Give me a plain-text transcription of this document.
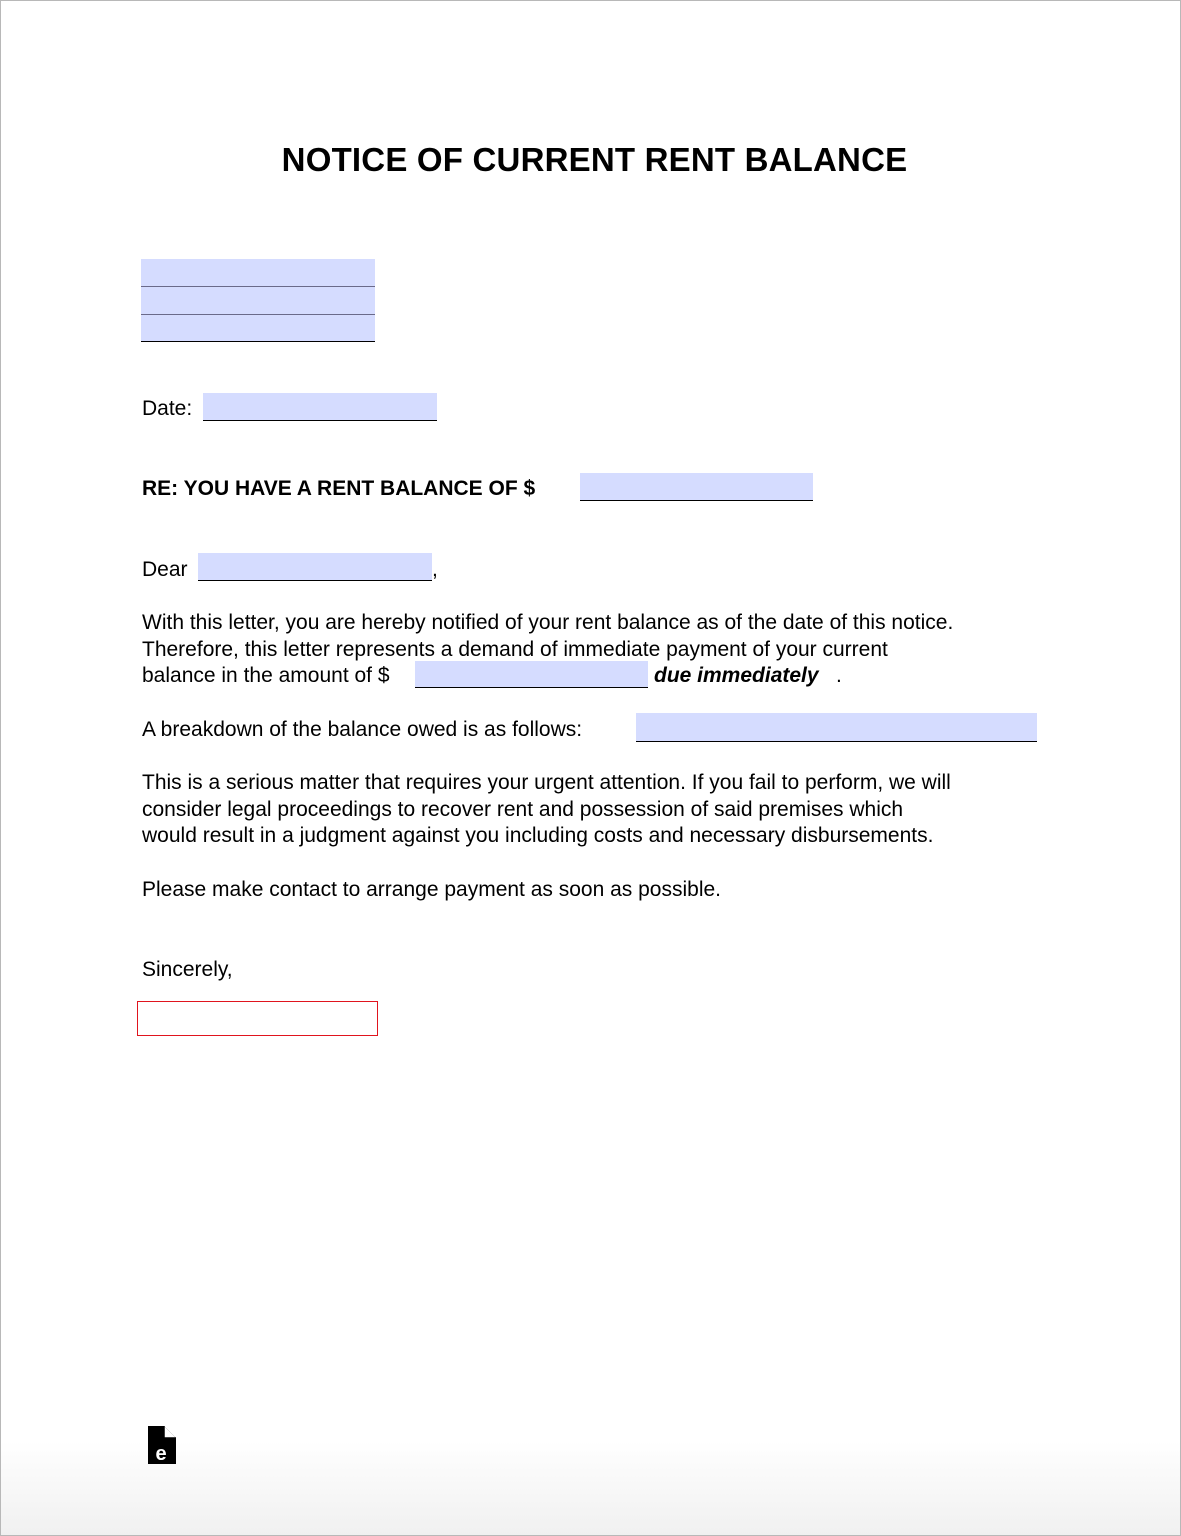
NOTICE OF CURRENT RENT BALANCE
Date:
RE: YOU HAVE A RENT BALANCE OF $
Dear	,
With this letter, you are hereby notified of your rent balance as of the date of this notice.
Therefore, this letter represents a demand of immediate payment of your current
balance in the amount of $	due immediately .
A breakdown of the balance owed is as follows:
This is a serious matter that requires your urgent attention. If you fail to perform, we will
consider legal proceedings to recover rent and possession of said premises which
would result in a judgment against you including costs and necessary disbursements.
Please make contact to arrange payment as soon as possible.
Sincerely,
e
